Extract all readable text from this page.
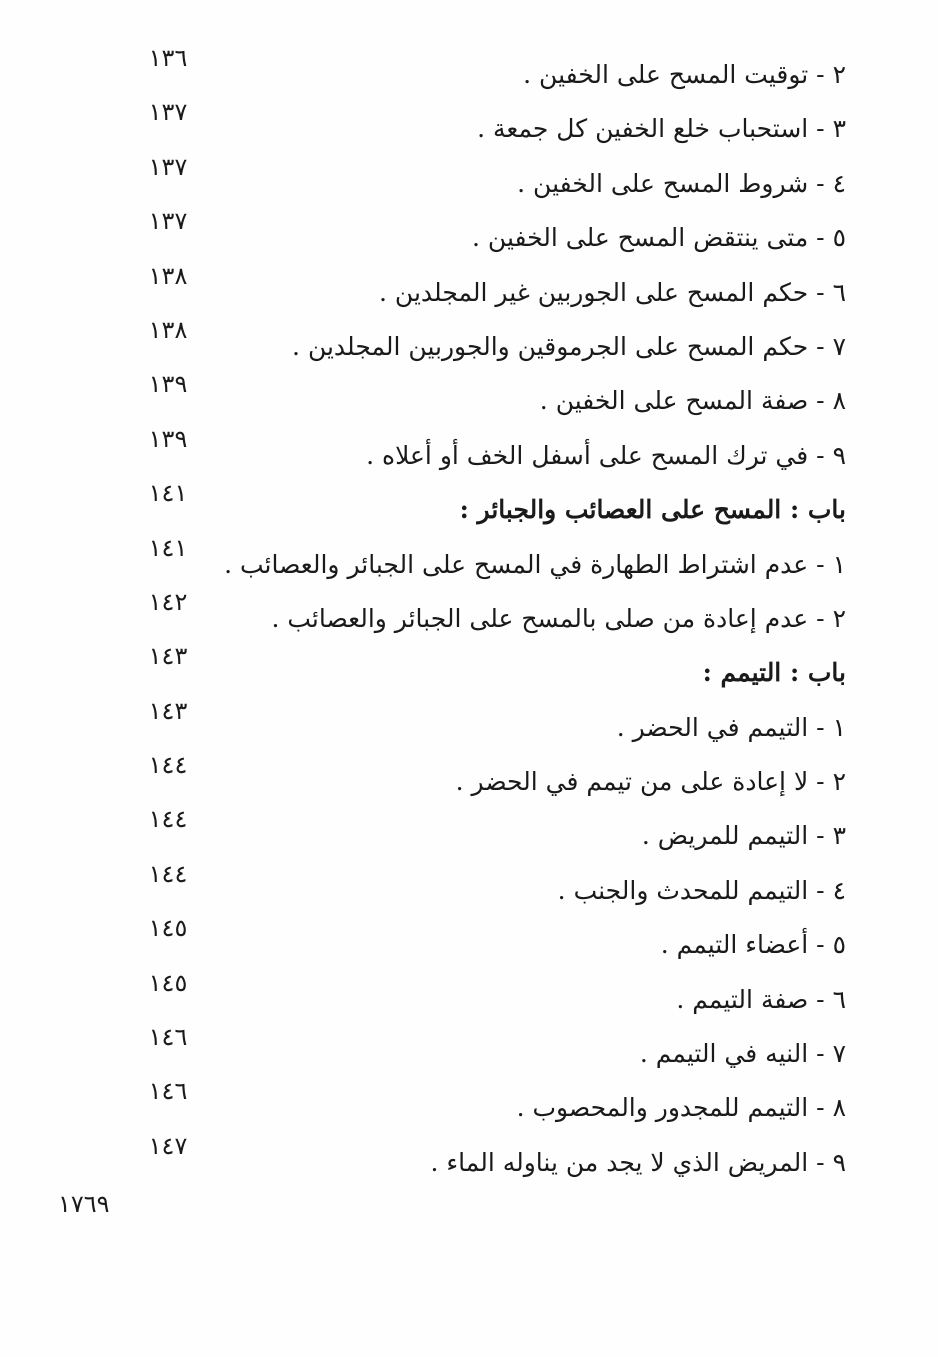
١٣٦
٢ - توقيت المسح على الخفين .
١٣٧
٣ - استحباب خلع الخفين كل جمعة .
١٣٧
٤ - شروط المسح على الخفين .
١٣٧
٥ - متى ينتقض المسح على الخفين .
١٣٨
٦ - حكم المسح على الجوربين غير المجلدين .
١٣٨
٧ - حكم المسح على الجرموقين والجوربين المجلدين .
١٣٩
٨ - صفة المسح على الخفين .
١٣٩
٩ - في ترك المسح على أسفل الخف أو أعلاه .
١٤١
باب : المسح على العصائب والجبائر :
١٤١
١ - عدم اشتراط الطهارة في المسح على الجبائر والعصائب .
١٤٢
٢ - عدم إعادة من صلى بالمسح على الجبائر والعصائب .
١٤٣
باب : التيمم :
١٤٣
١ - التيمم في الحضر .
١٤٤
٢ - لا إعادة على من تيمم في الحضر .
١٤٤
٣ - التيمم للمريض .
١٤٤
٤ - التيمم للمحدث والجنب .
١٤٥
٥ - أعضاء التيمم .
١٤٥
٦ - صفة التيمم .
١٤٦
٧ - النيه في التيمم .
١٤٦
٨ - التيمم للمجدور والمحصوب .
١٤٧
٩ - المريض الذي لا يجد من يناوله الماء .
١٧٦٩
